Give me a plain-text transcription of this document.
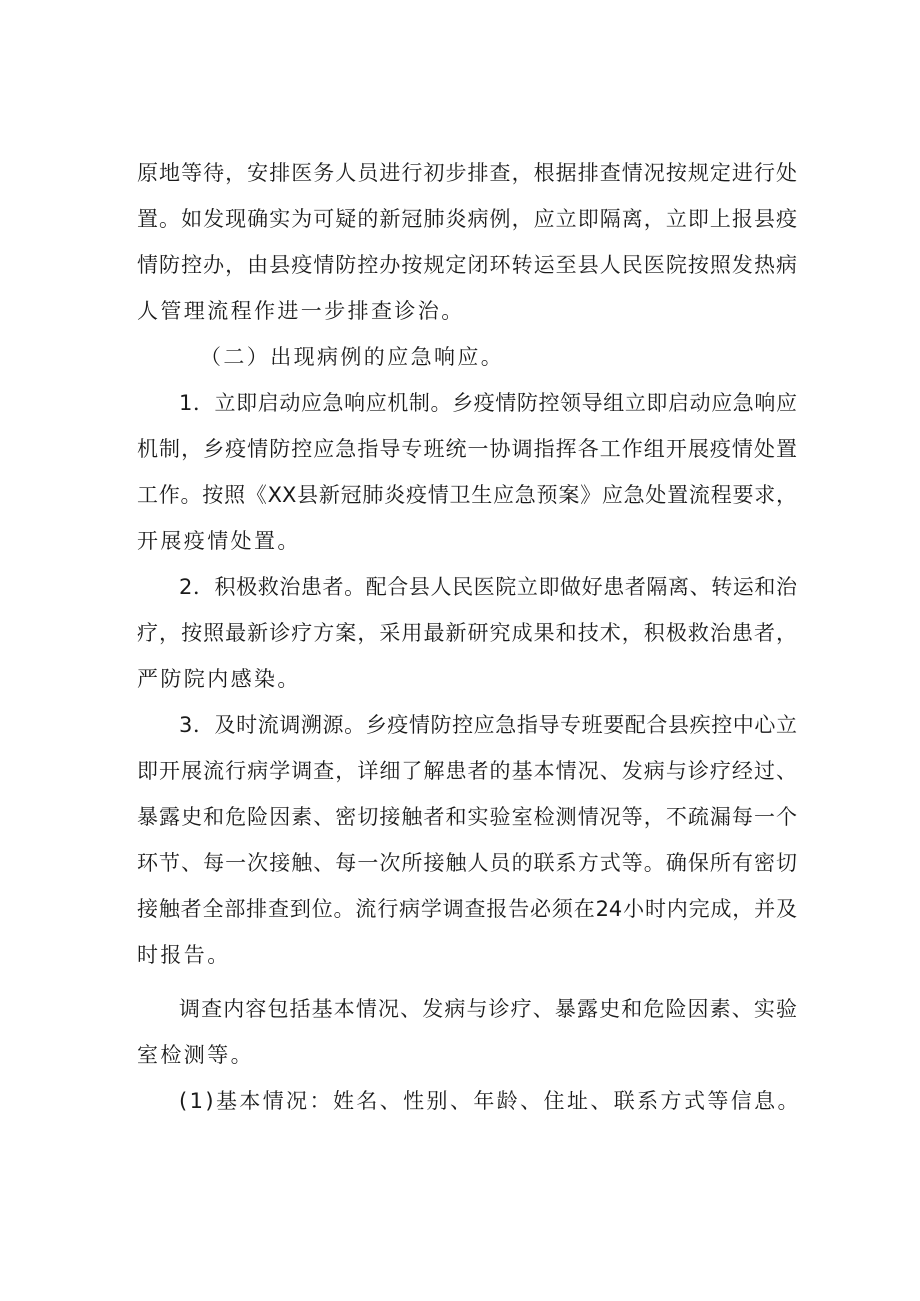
原地等待，安排医务人员进行初步排查，根据排查情况按规定进行处
置。如发现确实为可疑的新冠肺炎病例，应立即隔离，立即上报县疫
情防控办，由县疫情防控办按规定闭环转运至县人民医院按照发热病
人管理流程作进一步排查诊治。
（二）出现病例的应急响应。
1．立即启动应急响应机制。乡疫情防控领导组立即启动应急响应
机制，乡疫情防控应急指导专班统一协调指挥各工作组开展疫情处置
工作。按照《XX县新冠肺炎疫情卫生应急预案》应急处置流程要求，
开展疫情处置。
2．积极救治患者。配合县人民医院立即做好患者隔离、转运和治
疗，按照最新诊疗方案，采用最新研究成果和技术，积极救治患者，
严防院内感染。
3．及时流调溯源。乡疫情防控应急指导专班要配合县疾控中心立
即开展流行病学调查，详细了解患者的基本情况、发病与诊疗经过、
暴露史和危险因素、密切接触者和实验室检测情况等，不疏漏每一个
环节、每一次接触、每一次所接触人员的联系方式等。确保所有密切
接触者全部排查到位。流行病学调查报告必须在24小时内完成，并及
时报告。
调查内容包括基本情况、发病与诊疗、暴露史和危险因素、实验
室检测等。
(1)基本情况：姓名、性别、年龄、住址、联系方式等信息。
